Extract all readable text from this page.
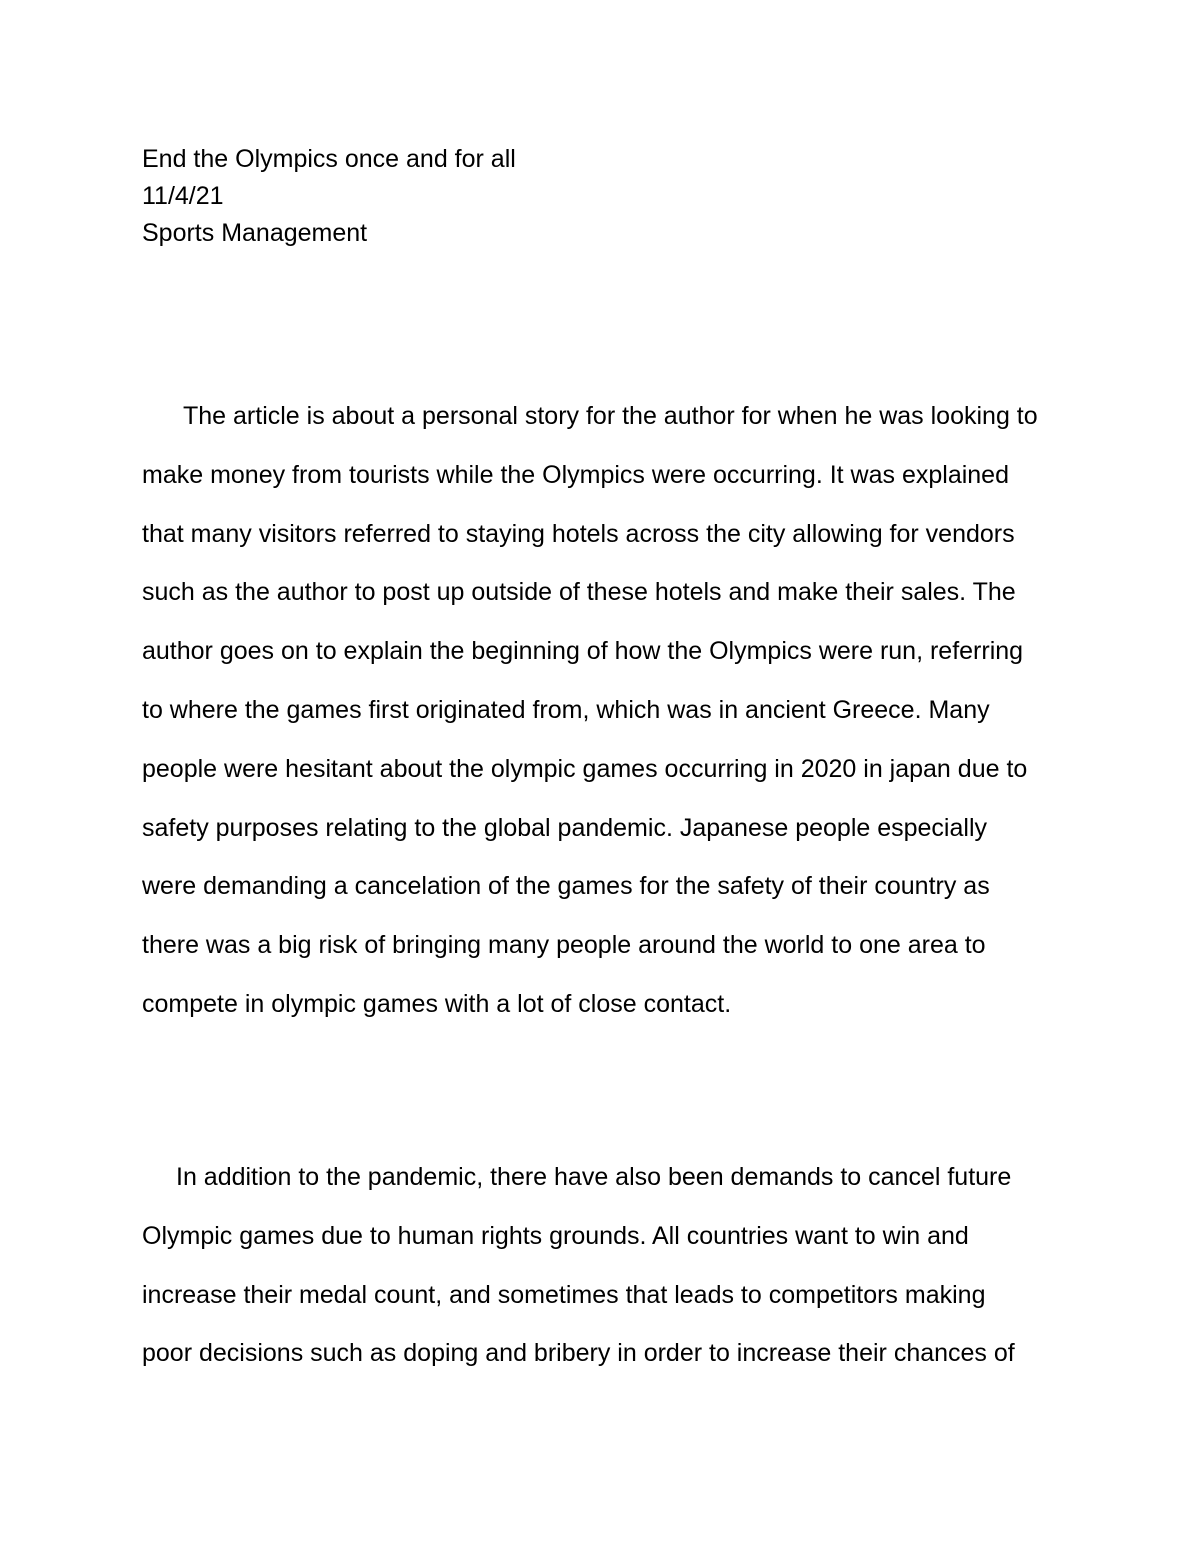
End the Olympics once and for all
11/4/21
Sports Management
The article is about a personal story for the author for when he was looking to
make money from tourists while the Olympics were occurring. It was explained
that many visitors referred to staying hotels across the city allowing for vendors
such as the author to post up outside of these hotels and make their sales. The
author goes on to explain the beginning of how the Olympics were run, referring
to where the games first originated from, which was in ancient Greece. Many
people were hesitant about the olympic games occurring in 2020 in japan due to
safety purposes relating to the global pandemic. Japanese people especially
were demanding a cancelation of the games for the safety of their country as
there was a big risk of bringing many people around the world to one area to
compete in olympic games with a lot of close contact.
In addition to the pandemic, there have also been demands to cancel future
Olympic games due to human rights grounds. All countries want to win and
increase their medal count, and sometimes that leads to competitors making
poor decisions such as doping and bribery in order to increase their chances of
